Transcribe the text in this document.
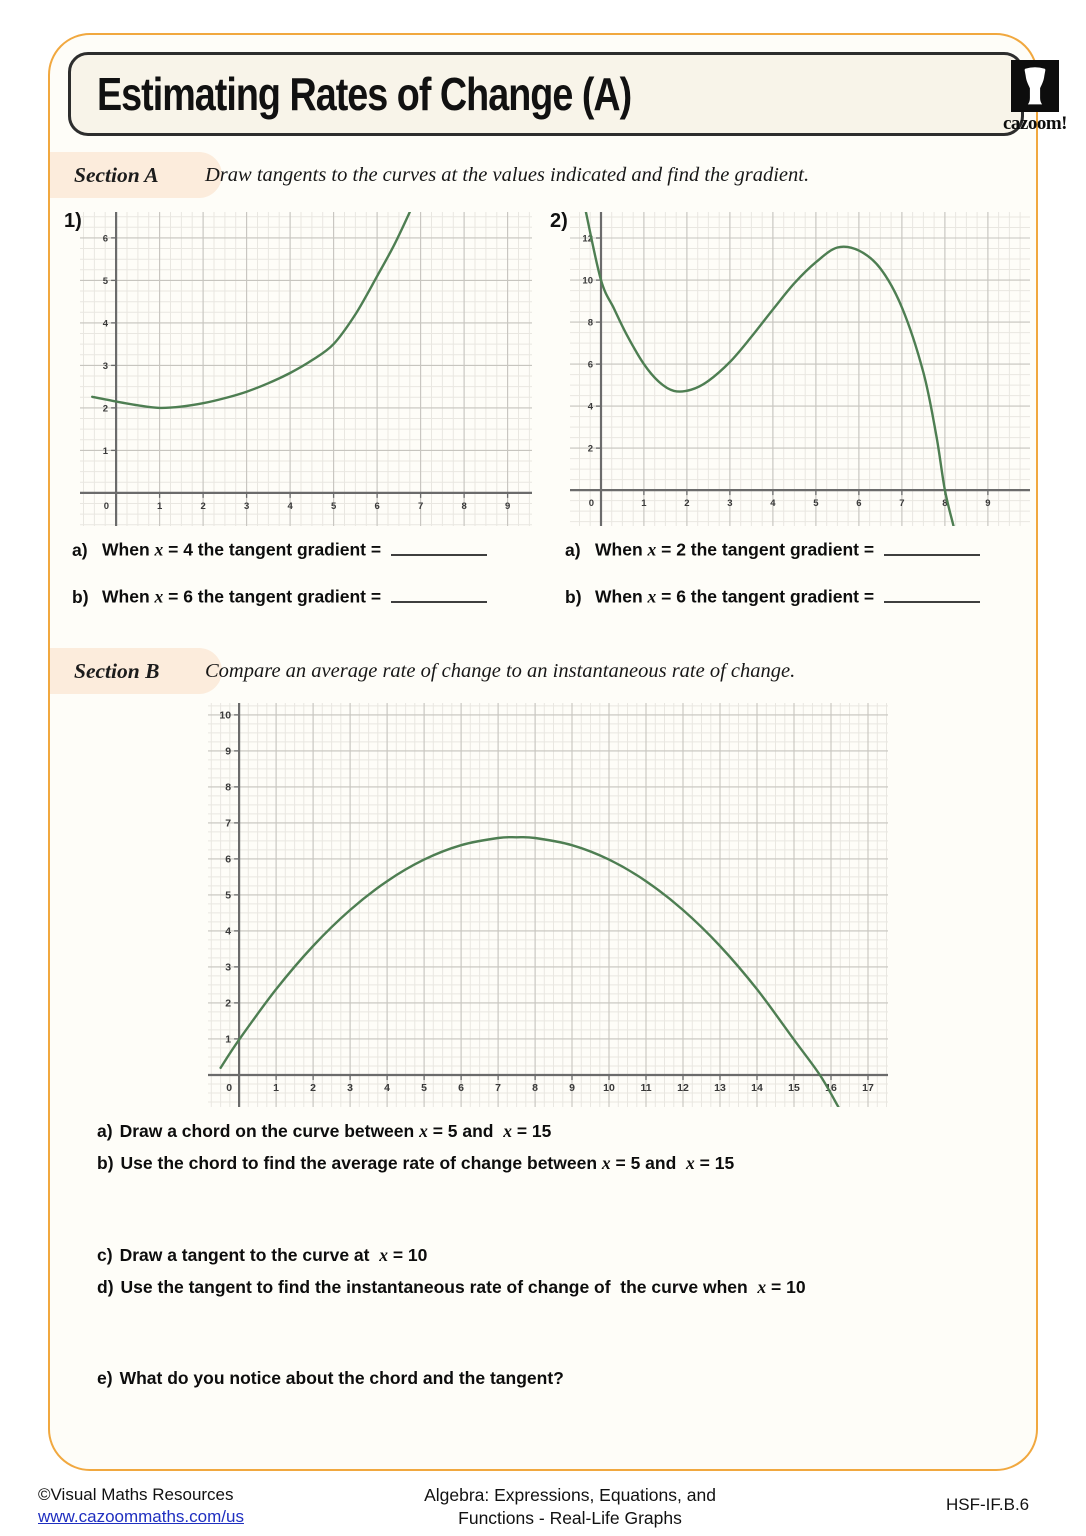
Estimating Rates of Change (A)
cazoom!
Section A	Draw tangents to the curves at the values indicated and find the gradient.
1)	2)
0	1	2	3	4	5	6	7	8	9
1
2
3
4
5
6
0	1	2	3	4	5	6	7	8	9
2
4
6
8
10
12
a) When x = 4 the tangent gradient =
b) When x = 6 the tangent gradient =
a) When x = 2 the tangent gradient =
b) When x = 6 the tangent gradient =
Section B	Compare an average rate of change to an instantaneous rate of change.
0	1	2	3	4	5	6	7	8	9	10 11 12 13 14 15 16 17
1
2
3
4
5
6
7
8
9
10
a) Draw a chord on the curve between x = 5 and  x = 15
b) Use the chord to find the average rate of change between x = 5 and  x = 15
c) Draw a tangent to the curve at  x = 10
d) Use the tangent to find the instantaneous rate of change of  the curve when  x = 10
e) What do you notice about the chord and the tangent?
©Visual Maths Resources
www.cazoommaths.com/us
Algebra: Expressions, Equations, and
Functions - Real-Life Graphs
HSF-IF.B.6
